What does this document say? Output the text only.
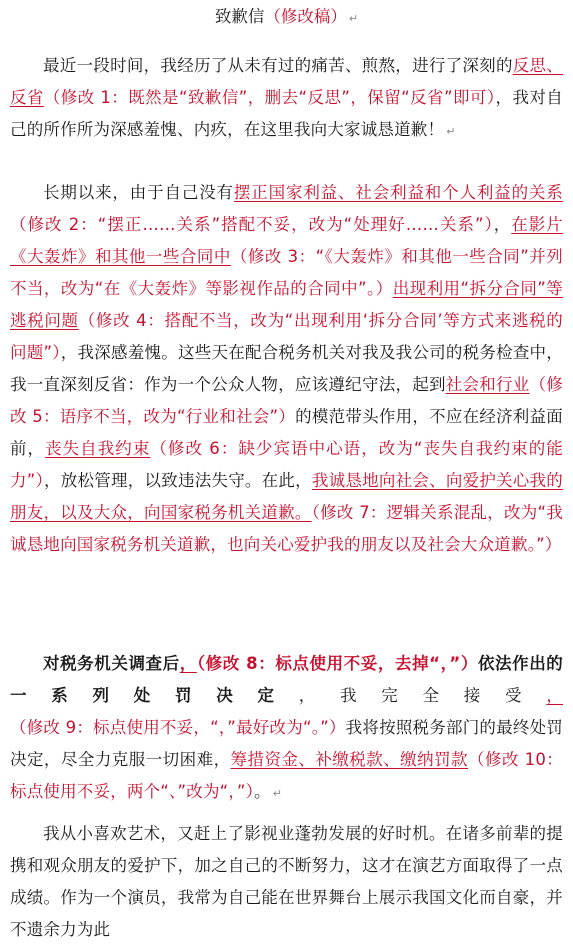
致歉信（修改稿） ↵
最近一段时间，我经历了从未有过的痛苦、煎熬，进行了深刻的反思、反省（修改 1：既然是“致歉信”，删去“反思”，保留“反省”即可），我对自己的所作所为深感羞愧、内疚，在这里我向大家诚恳道歉！ ↵
长期以来，由于自己没有摆正国家利益、社会利益和个人利益的关系（修改 2：“摆正……关系”搭配不妥，改为“处理好……关系”），在影片《大轰炸》和其他一些合同中（修改 3：“《大轰炸》和其他一些合同”并列不当，改为“在《大轰炸》等影视作品的合同中”。）出现利用“拆分合同”等逃税问题（修改 4：搭配不当，改为“出现利用‘拆分合同’等方式来逃税的问题”），我深感羞愧。这些天在配合税务机关对我及我公司的税务检查中，我一直深刻反省：作为一个公众人物，应该遵纪守法，起到社会和行业（修改 5：语序不当，改为“行业和社会”）的模范带头作用，不应在经济利益面前，丧失自我约束（修改 6：缺少宾语中心语，改为“丧失自我约束的能力”），放松管理，以致违法失守。在此，我诚恳地向社会、向爱护关心我的朋友，以及大众，向国家税务机关道歉。（修改 7：逻辑关系混乱，改为“我诚恳地向国家税务机关道歉，也向关心爱护我的朋友以及社会大众道歉。”）
对税务机关调查后，（修改 8：标点使用不妥，去掉“，”）依法作出的一系列处罚决定，我完全接受，（修改 9：标点使用不妥，“，”最好改为“。”）我将按照税务部门的最终处罚决定，尽全力克服一切困难，筹措资金、补缴税款、缴纳罚款（修改 10：标点使用不妥，两个“、”改为“，”）。 ↵
我从小喜欢艺术，又赶上了影视业蓬勃发展的好时机。在诸多前辈的提携和观众朋友的爱护下，加之自己的不断努力，这才在演艺方面取得了一点成绩。作为一个演员，我常为自己能在世界舞台上展示我国文化而自豪，并不遗余力为此
